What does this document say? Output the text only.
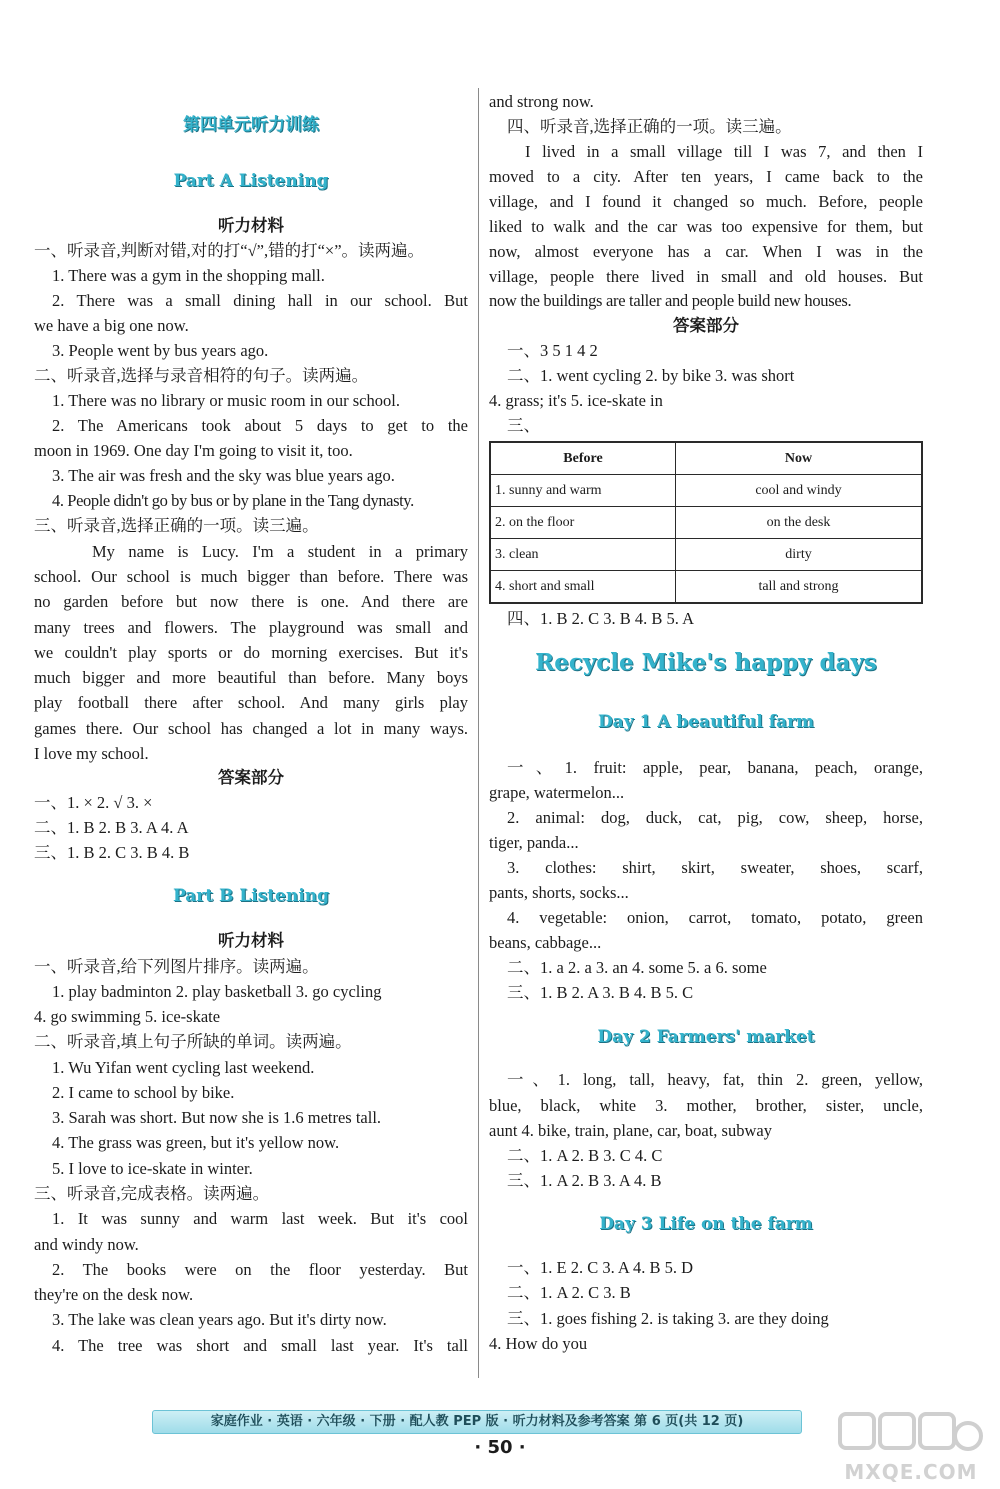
第四单元听力训练
Part A Listening
听力材料
一、听录音,判断对错,对的打“√”,错的打“×”。读两遍。
1. There was a gym in the shopping mall.
2. There was a small dining hall in our school. But
we have a big one now.
3. People went by bus years ago.
二、听录音,选择与录音相符的句子。读两遍。
1. There was no library or music room in our school.
2. The Americans took about 5 days to get to the
moon in 1969. One day I'm going to visit it, too.
3. The air was fresh and the sky was blue years ago.
4. People didn't go by bus or by plane in the Tang dynasty.
三、听录音,选择正确的一项。读三遍。
My name is Lucy. I'm a student in a primary
school. Our school is much bigger than before. There was
no garden before but now there is one. And there are
many trees and flowers. The playground was small and
we couldn't play sports or do morning exercises. But it's
much bigger and more beautiful than before. Many boys
play football there after school. And many girls play
games there. Our school has changed a lot in many ways.
I love my school.
答案部分
一、1. × 2. √ 3. ×
二、1. B 2. B 3. A 4. A
三、1. B 2. C 3. B 4. B
Part B Listening
听力材料
一、听录音,给下列图片排序。读两遍。
1. play badminton 2. play basketball 3. go cycling
4. go swimming 5. ice-skate
二、听录音,填上句子所缺的单词。读两遍。
1. Wu Yifan went cycling last weekend.
2. I came to school by bike.
3. Sarah was short. But now she is 1.6 metres tall.
4. The grass was green, but it's yellow now.
5. I love to ice-skate in winter.
三、听录音,完成表格。读两遍。
1. It was sunny and warm last week. But it's cool
and windy now.
2. The books were on the floor yesterday. But
they're on the desk now.
3. The lake was clean years ago. But it's dirty now.
4. The tree was short and small last year. It's tall
and strong now.
四、听录音,选择正确的一项。读三遍。
I lived in a small village till I was 7, and then I
moved to a city. After ten years, I came back to the
village, and I found it changed so much. Before, people
liked to walk and the car was too expensive for them, but
now, almost everyone has a car. When I was in the
village, people there lived in small and old houses. But
now the buildings are taller and people build new houses.
答案部分
一、3 5 1 4 2
二、1. went cycling 2. by bike 3. was short
4. grass; it's 5. ice-skate in
三、
Before	Now
1. sunny and warm	cool and windy
2. on the floor	on the desk
3. clean	dirty
4. short and small	tall and strong
四、1. B 2. C 3. B 4. B 5. A
Recycle Mike's happy days
Day 1 A beautiful farm
一、1. fruit: apple, pear, banana, peach, orange,
grape, watermelon...
2. animal: dog, duck, cat, pig, cow, sheep, horse,
tiger, panda...
3. clothes: shirt, skirt, sweater, shoes, scarf,
pants, shorts, socks...
4. vegetable: onion, carrot, tomato, potato, green
beans, cabbage...
二、1. a 2. a 3. an 4. some 5. a 6. some
三、1. B 2. A 3. B 4. B 5. C
Day 2 Farmers' market
一、1. long, tall, heavy, fat, thin 2. green, yellow,
blue, black, white 3. mother, brother, sister, uncle,
aunt 4. bike, train, plane, car, boat, subway
二、1. A 2. B 3. C 4. C
三、1. A 2. B 3. A 4. B
Day 3 Life on the farm
一、1. E 2. C 3. A 4. B 5. D
二、1. A 2. C 3. B
三、1. goes fishing 2. is taking 3. are they doing
4. How do you
家庭作业 · 英语 · 六年级 · 下册 · 配人教 PEP 版 · 听力材料及参考答案 第 6 页(共 12 页)
· 50 ·
MXQE.COM
